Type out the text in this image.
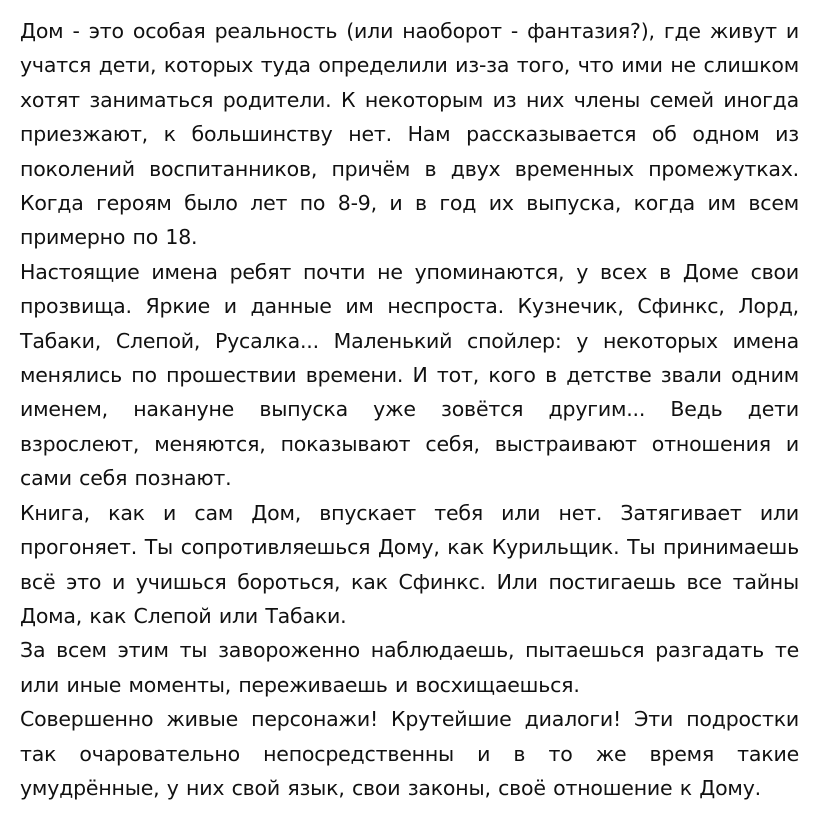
Дом - это особая реальность (или наоборот - фантазия?), где живут и учатся дети, которых туда определили из-за того, что ими не слишком хотят заниматься родители. К некоторым из них члены семей иногда приезжают, к большинству нет. Нам рассказывается об одном из поколений воспитанников, причём в двух временных промежутках. Когда героям было лет по 8-9, и в год их выпуска, когда им всем примерно по 18.

Настоящие имена ребят почти не упоминаются, у всех в Доме свои прозвища. Яркие и данные им неспроста. Кузнечик, Сфинкс, Лорд, Табаки, Слепой, Русалка... Маленький спойлер: у некоторых имена менялись по прошествии времени. И тот, кого в детстве звали одним именем, накануне выпуска уже зовётся другим... Ведь дети взрослеют, меняются, показывают себя, выстраивают отношения и сами себя познают.

Книга, как и сам Дом, впускает тебя или нет. Затягивает или прогоняет. Ты сопротивляешься Дому, как Курильщик. Ты принимаешь всё это и учишься бороться, как Сфинкс. Или постигаешь все тайны Дома, как Слепой или Табаки.

За всем этим ты завороженно наблюдаешь, пытаешься разгадать те или иные моменты, переживаешь и восхищаешься.

Совершенно живые персонажи! Крутейшие диалоги! Эти подростки так очаровательно непосредственны и в то же время такие умудрённые, у них свой язык, свои законы, своё отношение к Дому.
